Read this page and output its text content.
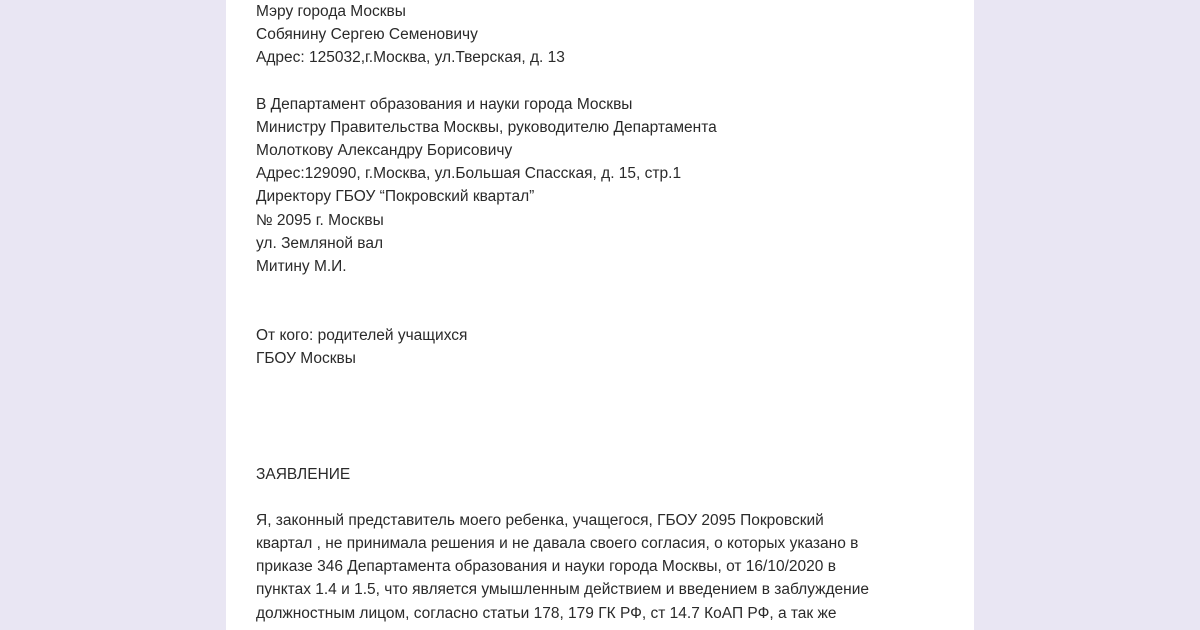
Мэру города Москвы
Собянину Сергею Семеновичу
Адрес: 125032,г.Москва, ул.Тверская, д. 13
В Департамент образования и науки города Москвы
Министру Правительства Москвы, руководителю Департамента
Молоткову Александру Борисовичу
Адрес:129090, г.Москва, ул.Большая Спасская, д. 15, стр.1
Директору ГБОУ “Покровский квартал”
№ 2095 г. Москвы
ул. Земляной вал
Митину М.И.
От кого: родителей учащихся
ГБОУ Москвы
ЗАЯВЛЕНИЕ
Я, законный представитель моего ребенка, учащегося, ГБОУ 2095 Покровский
квартал , не принимала решения и не давала своего согласия, о которых указано в
приказе 346 Департамента образования и науки города Москвы, от 16/10/2020 в
пунктах 1.4 и 1.5, что является умышленным действием и введением в заблуждение
должностным лицом, согласно статьи 178, 179 ГК РФ, ст 14.7 КоАП РФ, а так же
